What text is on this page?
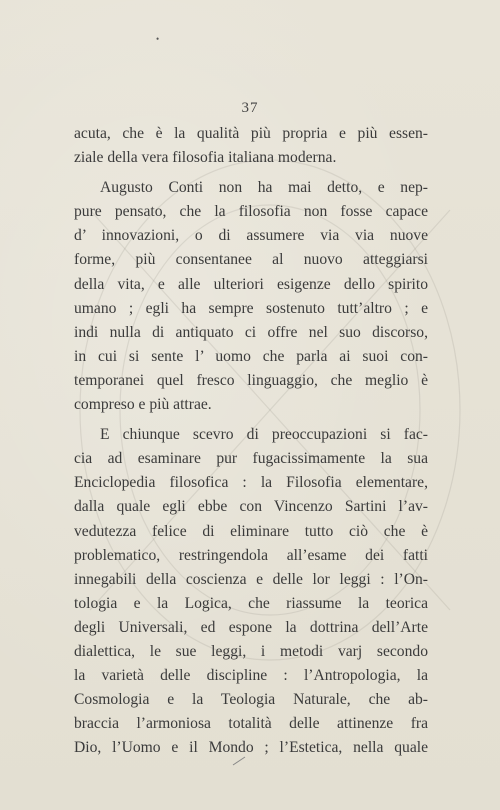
•
37
acuta, che è la qualità più propria e più essen-
ziale della vera filosofia italiana moderna.
Augusto Conti non ha mai detto, e nep-
pure pensato, che la filosofia non fosse capace
d’ innovazioni, o di assumere via via nuove
forme, più consentanee al nuovo atteggiarsi
della vita, e alle ulteriori esigenze dello spirito
umano ; egli ha sempre sostenuto tutt’altro ; e
indi nulla di antiquato ci offre nel suo discorso,
in cui si sente l’ uomo che parla ai suoi con-
temporanei quel fresco linguaggio, che meglio è
compreso e più attrae.
E chiunque scevro di preoccupazioni si fac-
cia ad esaminare pur fugacissimamente la sua
Enciclopedia filosofica : la Filosofia elementare,
dalla quale egli ebbe con Vincenzo Sartini l’av-
vedutezza felice di eliminare tutto ciò che è
problematico, restringendola all’esame dei fatti
innegabili della coscienza e delle lor leggi : l’On-
tologia e la Logica, che riassume la teorica
degli Universali, ed espone la dottrina dell’Arte
dialettica, le sue leggi, i metodi varj secondo
la varietà delle discipline : l’Antropologia, la
Cosmologia e la Teologia Naturale, che ab-
braccia l’armoniosa totalità delle attinenze fra
Dio, l’Uomo e il Mondo ; l’Estetica, nella quale
